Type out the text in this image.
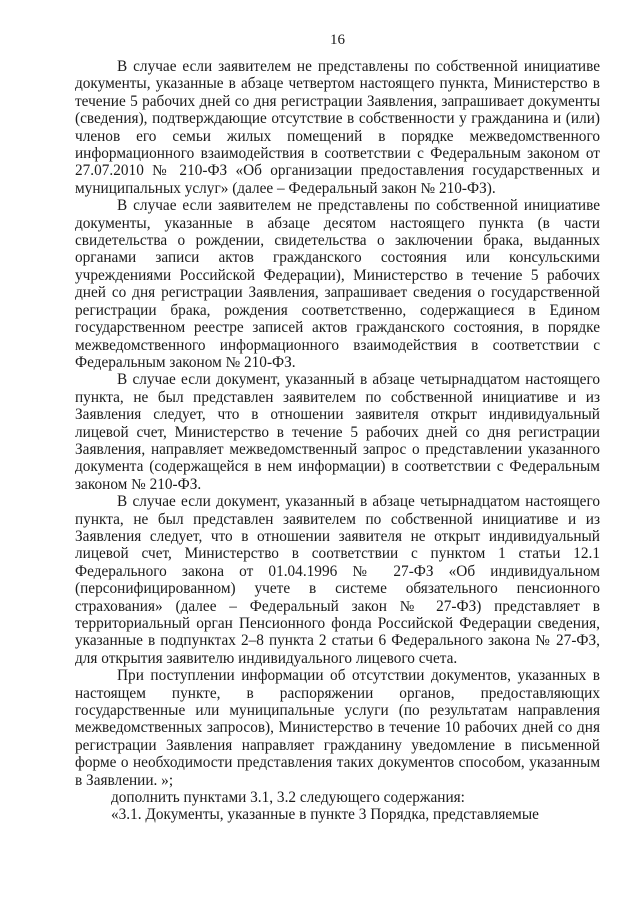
16

В случае если заявителем не представлены по собственной инициативе документы, указанные в абзаце четвертом настоящего пункта, Министерство в течение 5 рабочих дней со дня регистрации Заявления, запрашивает документы (сведения), подтверждающие отсутствие в собственности у гражданина и (или) членов его семьи жилых помещений в порядке межведомственного информационного взаимодействия в соответствии с Федеральным законом от 27.07.2010 № 210-ФЗ «Об организации предоставления государственных и муниципальных услуг» (далее – Федеральный закон № 210-ФЗ).

В случае если заявителем не представлены по собственной инициативе документы, указанные в абзаце десятом настоящего пункта (в части свидетельства о рождении, свидетельства о заключении брака, выданных органами записи актов гражданского состояния или консульскими учреждениями Российской Федерации), Министерство в течение 5 рабочих дней со дня регистрации Заявления, запрашивает сведения о государственной регистрации брака, рождения соответственно, содержащиеся в Едином государственном реестре записей актов гражданского состояния, в порядке межведомственного информационного взаимодействия в соответствии с Федеральным законом № 210-ФЗ.

В случае если документ, указанный в абзаце четырнадцатом настоящего пункта, не был представлен заявителем по собственной инициативе и из Заявления следует, что в отношении заявителя открыт индивидуальный лицевой счет, Министерство в течение 5 рабочих дней со дня регистрации Заявления, направляет межведомственный запрос о представлении указанного документа (содержащейся в нем информации) в соответствии с Федеральным законом № 210-ФЗ.

В случае если документ, указанный в абзаце четырнадцатом настоящего пункта, не был представлен заявителем по собственной инициативе и из Заявления следует, что в отношении заявителя не открыт индивидуальный лицевой счет, Министерство в соответствии с пунктом 1 статьи 12.1 Федерального закона от 01.04.1996 № 27-ФЗ «Об индивидуальном (персонифицированном) учете в системе обязательного пенсионного страхования» (далее – Федеральный закон № 27-ФЗ) представляет в территориальный орган Пенсионного фонда Российской Федерации сведения, указанные в подпунктах 2–8 пункта 2 статьи 6 Федерального закона № 27-ФЗ, для открытия заявителю индивидуального лицевого счета.

При поступлении информации об отсутствии документов, указанных в настоящем пункте, в распоряжении органов, предоставляющих государственные или муниципальные услуги (по результатам направления межведомственных запросов), Министерство в течение 10 рабочих дней со дня регистрации Заявления направляет гражданину уведомление в письменной форме о необходимости представления таких документов способом, указанным в Заявлении. »;

дополнить пунктами 3.1, 3.2 следующего содержания:

«3.1. Документы, указанные в пункте 3 Порядка, представляемые
